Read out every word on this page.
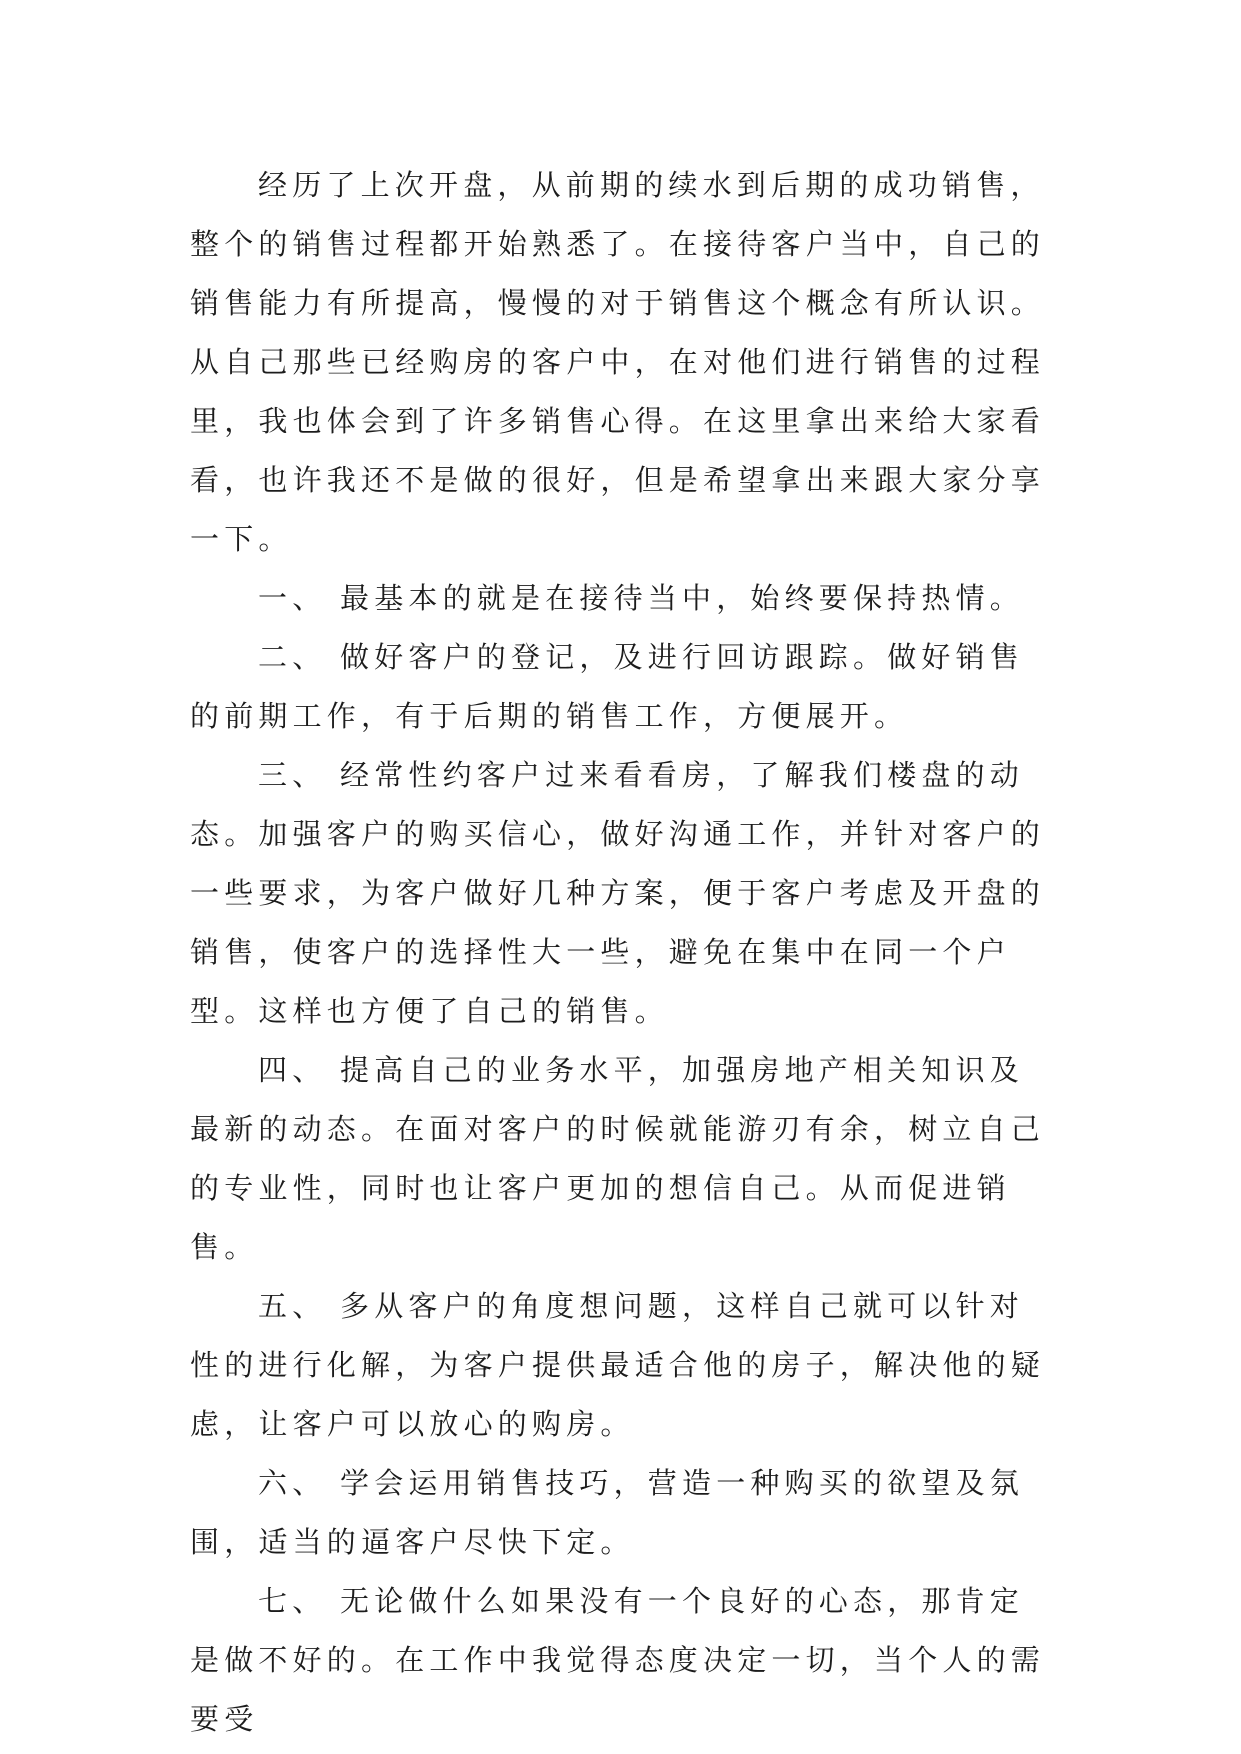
经历了上次开盘，从前期的续水到后期的成功销售，整个的销售过程都开始熟悉了。在接待客户当中，自己的销售能力有所提高，慢慢的对于销售这个概念有所认识。从自己那些已经购房的客户中，在对他们进行销售的过程里，我也体会到了许多销售心得。在这里拿出来给大家看看，也许我还不是做的很好，但是希望拿出来跟大家分享一下。

一、 最基本的就是在接待当中，始终要保持热情。

二、 做好客户的登记，及进行回访跟踪。做好销售的前期工作，有于后期的销售工作，方便展开。

三、 经常性约客户过来看看房，了解我们楼盘的动态。加强客户的购买信心，做好沟通工作，并针对客户的一些要求，为客户做好几种方案，便于客户考虑及开盘的销售，使客户的选择性大一些，避免在集中在同一个户型。这样也方便了自己的销售。

四、 提高自己的业务水平，加强房地产相关知识及最新的动态。在面对客户的时候就能游刃有余，树立自己的专业性，同时也让客户更加的想信自己。从而促进销售。

五、 多从客户的角度想问题，这样自己就可以针对性的进行化解，为客户提供最适合他的房子，解决他的疑虑，让客户可以放心的购房。

六、 学会运用销售技巧，营造一种购买的欲望及氛围，适当的逼客户尽快下定。

七、 无论做什么如果没有一个良好的心态，那肯定是做不好的。在工作中我觉得态度决定一切，当个人的需要受
